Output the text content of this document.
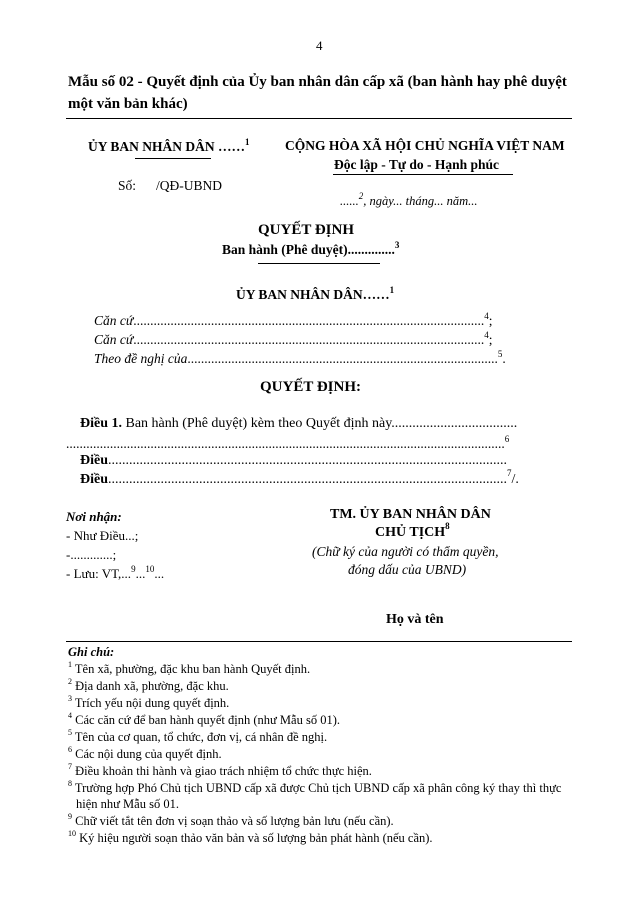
4
Mẫu số 02 - Quyết định của Ủy ban nhân dân cấp xã (ban hành hay phê duyệt
một văn bản khác)
ỦY BAN NHÂN DÂN ……$^1$
Số: /QĐ-UBND
CỘNG HÒA XÃ HỘI CHỦ NGHĨA VIỆT NAM
Độc lập - Tự do - Hạnh phúc
......$^2$, ngày... tháng... năm...
QUYẾT ĐỊNH
Ban hành (Phê duyệt)..............$^3$
ỦY BAN NHÂN DÂN……$^1$
Căn cứ........................................................................................................$^4$;
Căn cứ........................................................................................................$^4$;
Theo đề nghị của............................................................................................$^5$.
QUYẾT ĐỊNH:
Điều 1. Ban hành (Phê duyệt) kèm theo Quyết định này....................................
..................................................................................................................................$^6$
Điều..................................................................................................................
Điều..................................................................................................................$^7$/.
Nơi nhận:
- Như Điều...;
-.............;
- Lưu: VT,...$^9$...$^{10}$...
TM. ỦY BAN NHÂN DÂN
CHỦ TỊCH$^8$
(Chữ ký của người có thẩm quyền,
đóng dấu của UBND)
Họ và tên
Ghi chú:
$^1$ Tên xã, phường, đặc khu ban hành Quyết định.
$^2$ Địa danh xã, phường, đặc khu.
$^3$ Trích yếu nội dung quyết định.
$^4$ Các căn cứ để ban hành quyết định (như Mẫu số 01).
$^5$ Tên của cơ quan, tổ chức, đơn vị, cá nhân đề nghị.
$^6$ Các nội dung của quyết định.
$^7$ Điều khoản thi hành và giao trách nhiệm tổ chức thực hiện.
$^8$ Trường hợp Phó Chủ tịch UBND cấp xã được Chủ tịch UBND cấp xã phân công ký thay thì thực
hiện như Mẫu số 01.
$^9$ Chữ viết tắt tên đơn vị soạn thảo và số lượng bản lưu (nếu cần).
$^{10}$ Ký hiệu người soạn thảo văn bản và số lượng bản phát hành (nếu cần).
